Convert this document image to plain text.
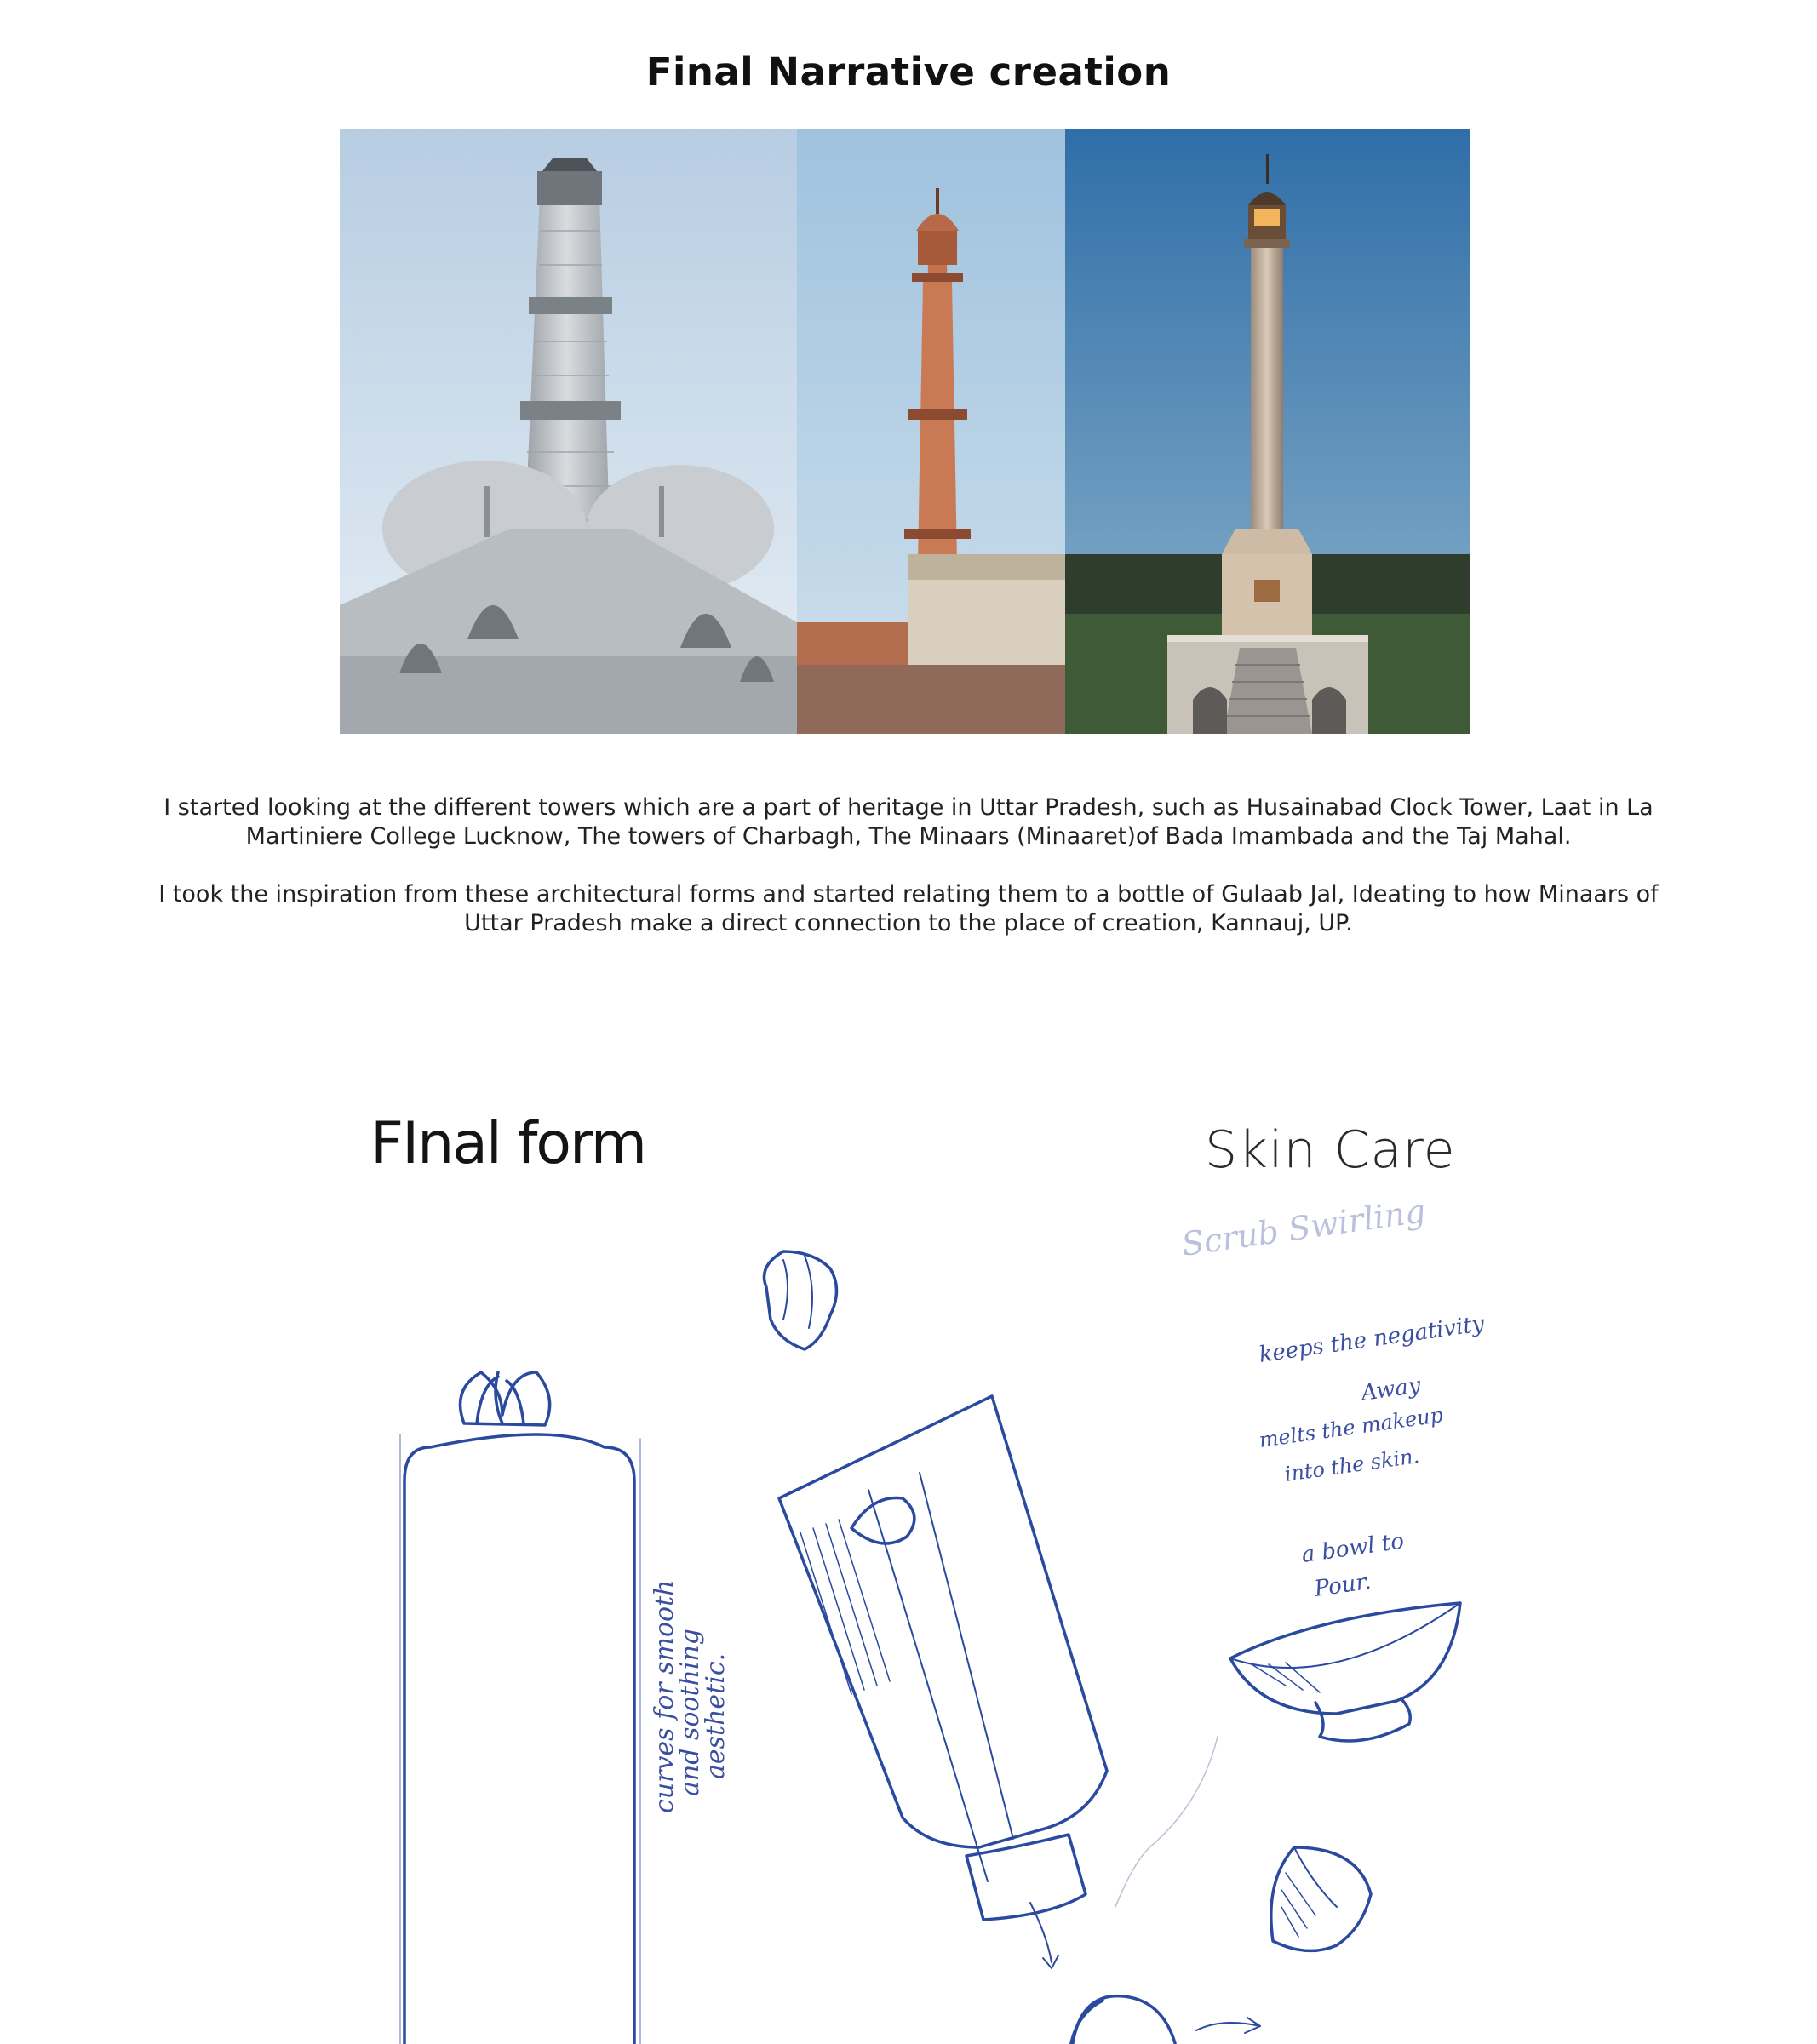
Final Narrative creation

I started looking at the different towers which are a part of heritage in Uttar Pradesh, such as Husainabad Clock Tower, Laat in La Martiniere College Lucknow, The towers of Charbagh, The Minaars (Minaaret)of Bada Imambada and the Taj Mahal.

I took the inspiration from these architectural forms and started relating them to a bottle of Gulaab Jal, Ideating to how Minaars of Uttar Pradesh make a direct connection to the place of creation, Kannauj, UP.

FInal form	Skin Care
curves for smooth
and soothing
aesthetic.
Scrub Swirling
keeps the negativity
Away
melts the makeup
into the skin.
a bowl to
Pour.
